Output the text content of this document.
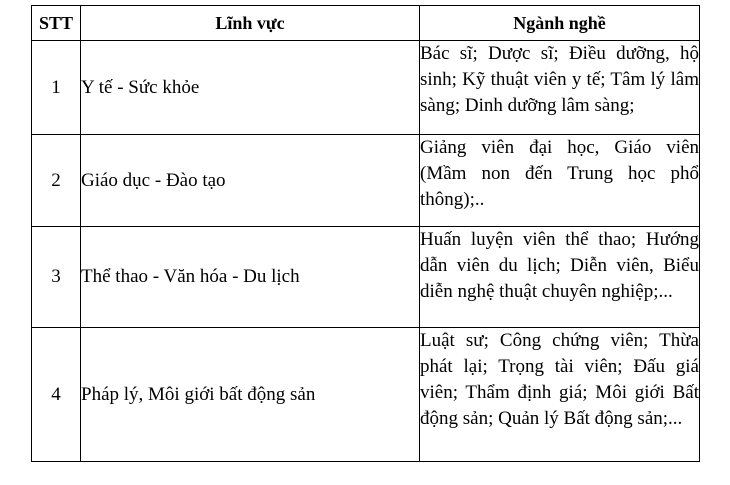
STT	Lĩnh vực	Ngành nghề
1	Y tế - Sức khỏe	Bác sĩ; Dược sĩ; Điều dưỡng, hộ sinh; Kỹ thuật viên y tế; Tâm lý lâm sàng; Dinh dưỡng lâm sàng;

2	Giáo dục - Đào tạo	Giảng viên đại học, Giáo viên (Mầm non đến Trung học phổ thông);..

3	Thể thao - Văn hóa - Du lịch	Huấn luyện viên thể thao; Hướng dẫn viên du lịch; Diễn viên, Biểu diễn nghệ thuật chuyên nghiệp;...

4	Pháp lý, Môi giới bất động sản	Luật sư; Công chứng viên; Thừa phát lại; Trọng tài viên; Đấu giá viên; Thẩm định giá; Môi giới Bất động sản; Quản lý Bất động sản;...
